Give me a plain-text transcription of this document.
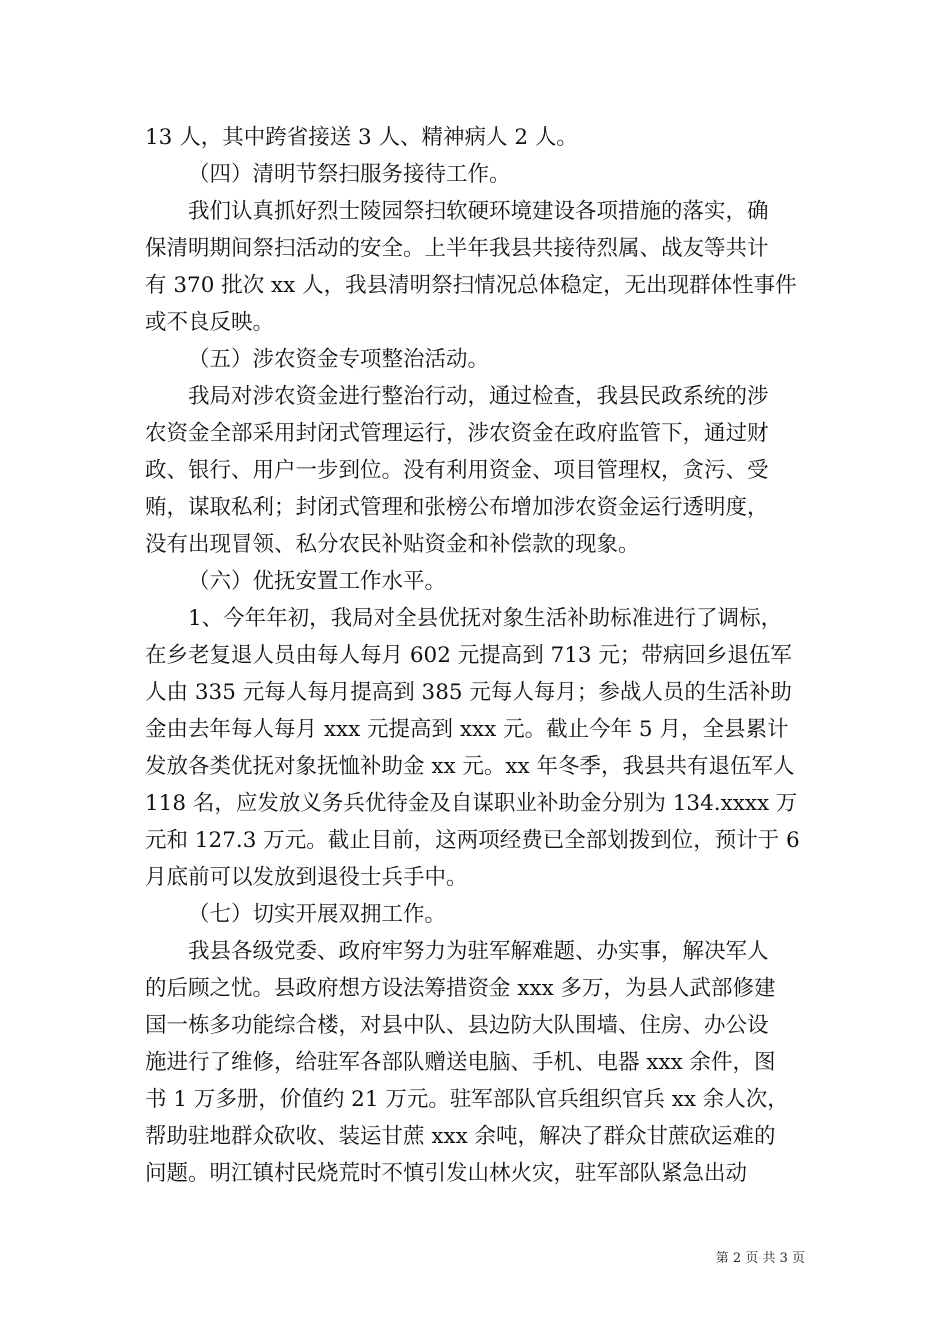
13 人，其中跨省接送 3 人、精神病人 2 人。
（四）清明节祭扫服务接待工作。
我们认真抓好烈士陵园祭扫软硬环境建设各项措施的落实，确
保清明期间祭扫活动的安全。上半年我县共接待烈属、战友等共计
有 370 批次 xx 人，我县清明祭扫情况总体稳定，无出现群体性事件
或不良反映。
（五）涉农资金专项整治活动。
我局对涉农资金进行整治行动，通过检查，我县民政系统的涉
农资金全部采用封闭式管理运行，涉农资金在政府监管下，通过财
政、银行、用户一步到位。没有利用资金、项目管理权，贪污、受
贿，谋取私利；封闭式管理和张榜公布增加涉农资金运行透明度，
没有出现冒领、私分农民补贴资金和补偿款的现象。
（六）优抚安置工作水平。
1、今年年初，我局对全县优抚对象生活补助标准进行了调标，
在乡老复退人员由每人每月 602 元提高到 713 元；带病回乡退伍军
人由 335 元每人每月提高到 385 元每人每月；参战人员的生活补助
金由去年每人每月 xxx 元提高到 xxx 元。截止今年 5 月，全县累计
发放各类优抚对象抚恤补助金 xx 元。xx 年冬季，我县共有退伍军人
118 名，应发放义务兵优待金及自谋职业补助金分别为 134.xxxx 万
元和 127.3 万元。截止目前，这两项经费已全部划拨到位，预计于 6
月底前可以发放到退役士兵手中。
（七）切实开展双拥工作。
我县各级党委、政府牢努力为驻军解难题、办实事，解决军人
的后顾之忧。县政府想方设法筹措资金 xxx 多万，为县人武部修建
国一栋多功能综合楼，对县中队、县边防大队围墙、住房、办公设
施进行了维修，给驻军各部队赠送电脑、手机、电器 xxx 余件，图
书 1 万多册，价值约 21 万元。驻军部队官兵组织官兵 xx 余人次，
帮助驻地群众砍收、装运甘蔗 xxx 余吨，解决了群众甘蔗砍运难的
问题。明江镇村民烧荒时不慎引发山林火灾，驻军部队紧急出动
第 2 页 共 3 页
